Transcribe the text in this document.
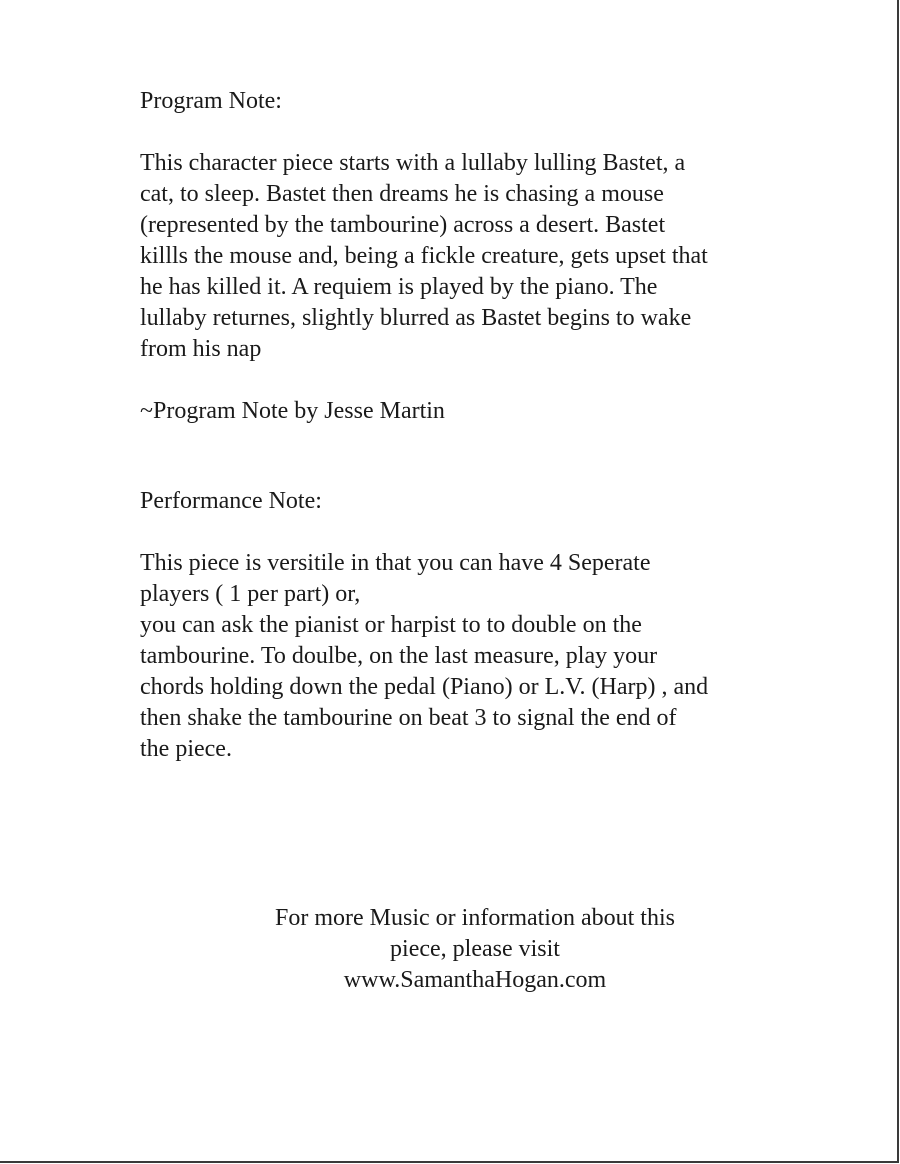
Program Note:
This character piece starts with a lullaby lulling Bastet, a
cat, to sleep. Bastet then dreams he is chasing a mouse
(represented by the tambourine) across a desert. Bastet
killls the mouse and, being a fickle creature, gets upset that
he has killed it. A requiem is played by the piano. The
lullaby returnes, slightly blurred as Bastet begins to wake
from his nap
~Program Note by Jesse Martin
Performance Note:
This piece is versitile in that you can have 4 Seperate
players ( 1 per part) or,
you can ask the pianist or harpist to to double on the
tambourine. To doulbe, on the last measure, play your
chords holding down the pedal (Piano) or L.V. (Harp) , and
then shake the tambourine on beat 3 to signal the end of
the piece.
For more Music or information about this
piece, please visit
www.SamanthaHogan.com
